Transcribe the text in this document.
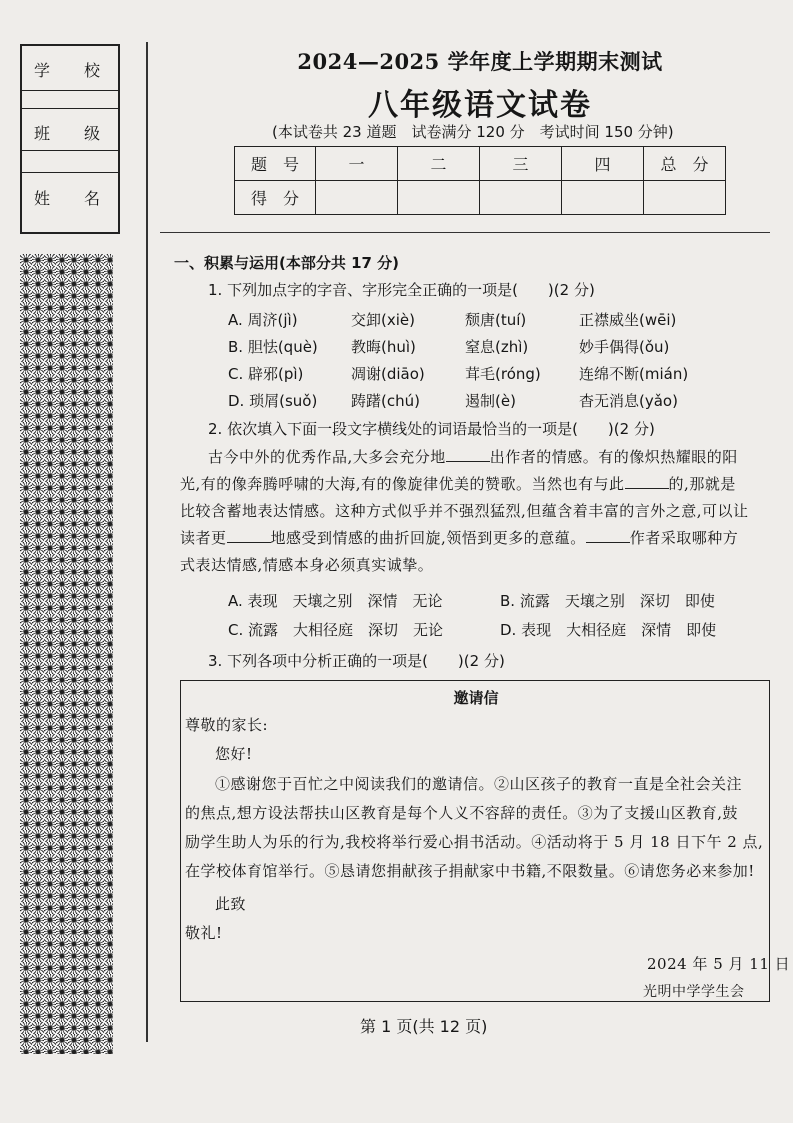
学 校
班 级
姓 名
2024—2025 学年度上学期期末测试
八年级语文试卷
(本试卷共 23 道题　试卷满分 120 分　考试时间 150 分钟)
题　号	一	二	三	四	总　分
得　分					
一、积累与运用(本部分共 17 分)
1. 下列加点字的字音、字形完全正确的一项是(　　)(2 分)
A. 周济(jì)	交卸(xiè)	颓唐(tuí)	正襟威坐(wēi)
B. 胆怯(què) 教晦(huì)	窒息(zhì)	妙手偶得(ǒu)
C. 辟邪(pì)	凋谢(diāo)	茸毛(róng)	连绵不断(mián)
D. 琐屑(suǒ) 踌躇(chú)	遏制(è)	杳无消息(yǎo)
2. 依次填入下面一段文字横线处的词语最恰当的一项是(　　)(2 分)
古今中外的优秀作品,大多会充分地	出作者的情感。有的像炽热耀眼的阳
光,有的像奔腾呼啸的大海,有的像旋律优美的赞歌。当然也有与此	的,那就是
比较含蓄地表达情感。这种方式似乎并不强烈猛烈,但蕴含着丰富的言外之意,可以让
读者更	地感受到情感的曲折回旋,领悟到更多的意蕴。	作者采取哪种方
式表达情感,情感本身必须真实诚挚。
A. 表现　天壤之别　深情　无论	B. 流露　天壤之别　深切　即使
C. 流露　大相径庭　深切　无论	D. 表现　大相径庭　深情　即使
3. 下列各项中分析正确的一项是(　　)(2 分)
邀请信
尊敬的家长:
您好!
①感谢您于百忙之中阅读我们的邀请信。②山区孩子的教育一直是全社会关注
的焦点,想方设法帮扶山区教育是每个人义不容辞的责任。③为了支援山区教育,鼓
励学生助人为乐的行为,我校将举行爱心捐书活动。④活动将于 5 月 18 日下午 2 点,
在学校体育馆举行。⑤恳请您捐献孩子捐献家中书籍,不限数量。⑥请您务必来参加!
此致
敬礼!
2024 年 5 月 11 日
光明中学学生会
第 1 页(共 12 页)
